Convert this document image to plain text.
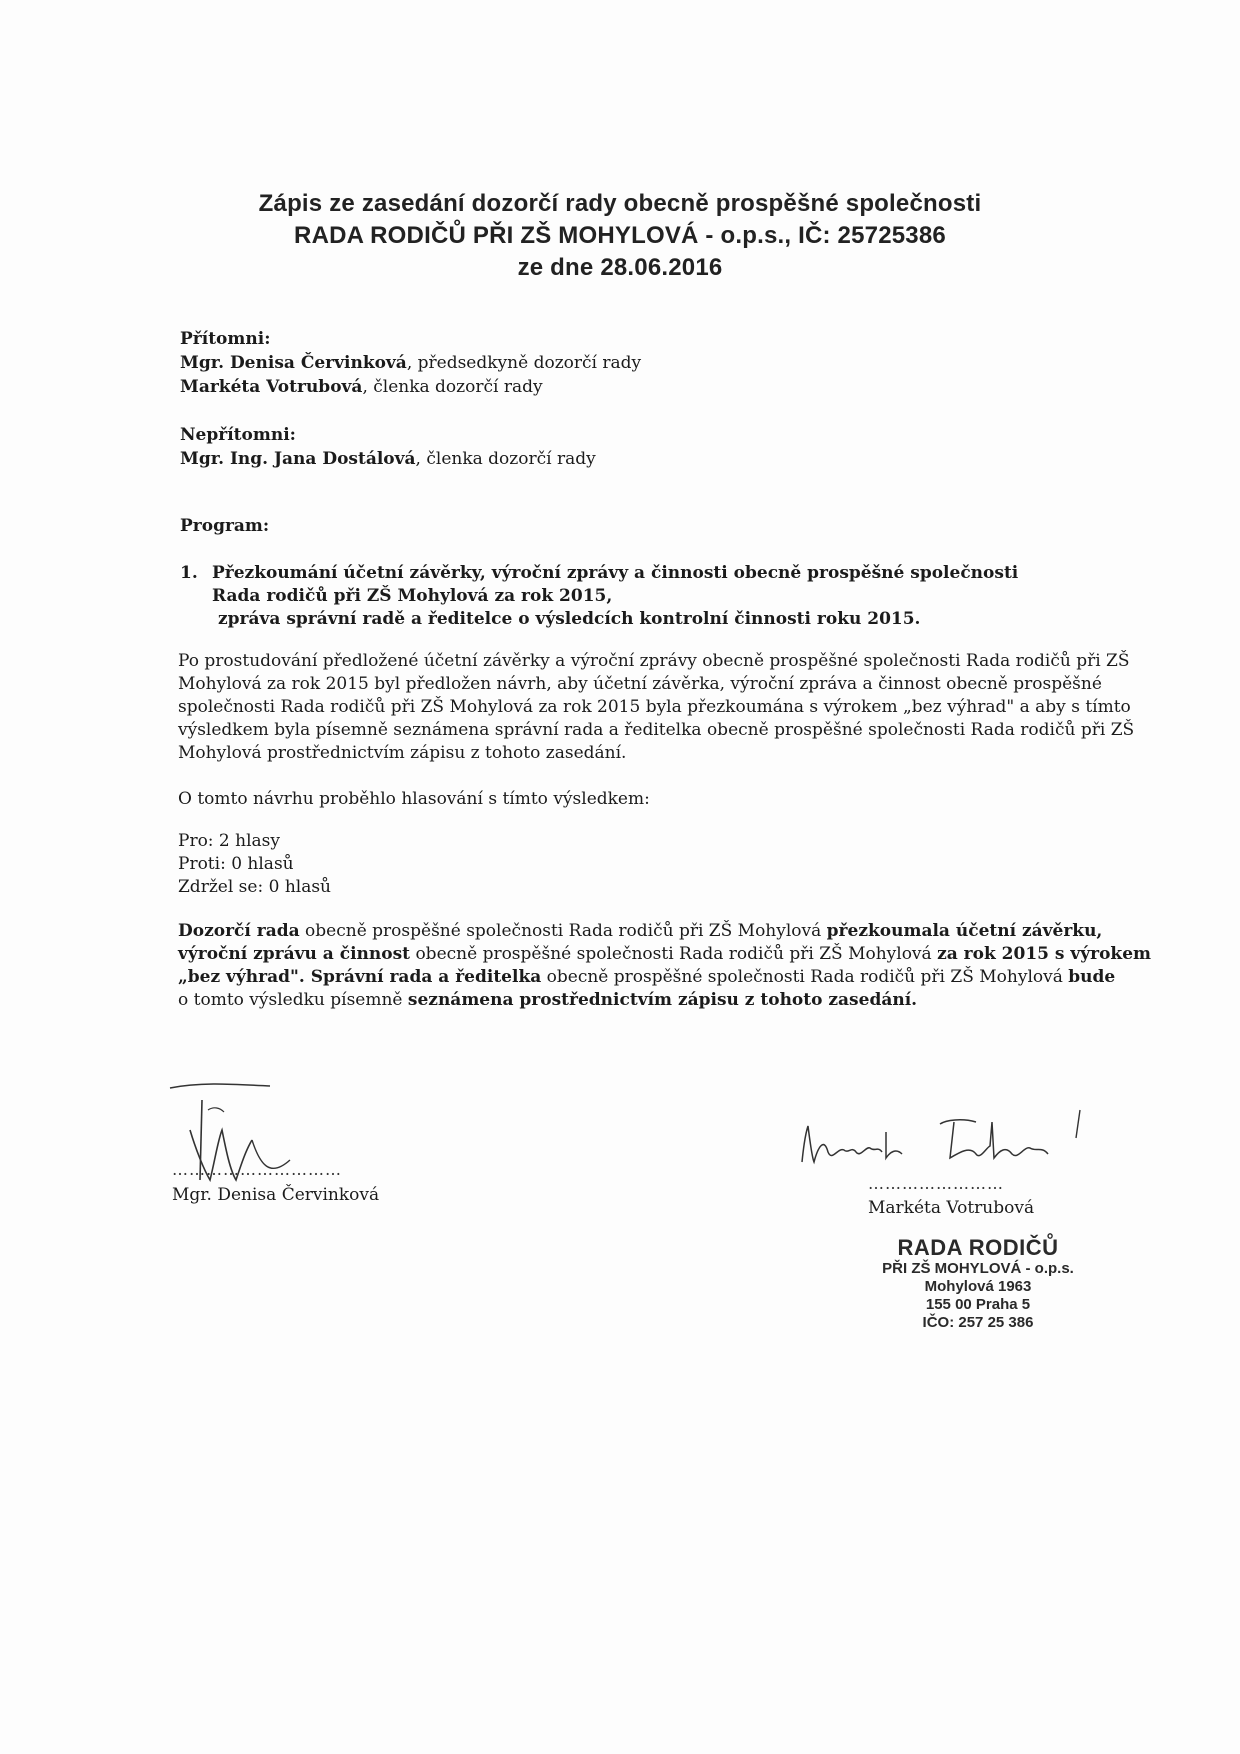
Zápis ze zasedání dozorčí rady obecně prospěšné společnosti
RADA RODIČŮ PŘI ZŠ MOHYLOVÁ - o.p.s., IČ: 25725386
ze dne 28.06.2016
Přítomni:
Mgr. Denisa Červinková, předsedkyně dozorčí rady
Markéta Votrubová, členka dozorčí rady
Nepřítomni:
Mgr. Ing. Jana Dostálová, členka dozorčí rady
Program:
1. Přezkoumání účetní závěrky, výroční zprávy a činnosti obecně prospěšné společnosti
Rada rodičů při ZŠ Mohylová za rok 2015,
zpráva správní radě a ředitelce o výsledcích kontrolní činnosti roku 2015.
Po prostudování předložené účetní závěrky a výroční zprávy obecně prospěšné společnosti Rada rodičů při ZŠ
Mohylová za rok 2015 byl předložen návrh, aby účetní závěrka, výroční zpráva a činnost obecně prospěšné
společnosti Rada rodičů při ZŠ Mohylová za rok 2015 byla přezkoumána s výrokem „bez výhrad" a aby s tímto
výsledkem byla písemně seznámena správní rada a ředitelka obecně prospěšné společnosti Rada rodičů při ZŠ
Mohylová prostřednictvím zápisu z tohoto zasedání.
O tomto návrhu proběhlo hlasování s tímto výsledkem:
Pro: 2 hlasy
Proti: 0 hlasů
Zdržel se: 0 hlasů
Dozorčí rada obecně prospěšné společnosti Rada rodičů při ZŠ Mohylová přezkoumala účetní závěrku,
výroční zprávu a činnost obecně prospěšné společnosti Rada rodičů při ZŠ Mohylová za rok 2015 s výrokem
„bez výhrad". Správní rada a ředitelka obecně prospěšné společnosti Rada rodičů při ZŠ Mohylová bude
o tomto výsledku písemně seznámena prostřednictvím zápisu z tohoto zasedání.
…………………………
Mgr. Denisa Červinková
……………………
Markéta Votrubová
RADA RODIČŮ
PŘI ZŠ MOHYLOVÁ - o.p.s.
Mohylová 1963
155 00 Praha 5
IČO: 257 25 386
